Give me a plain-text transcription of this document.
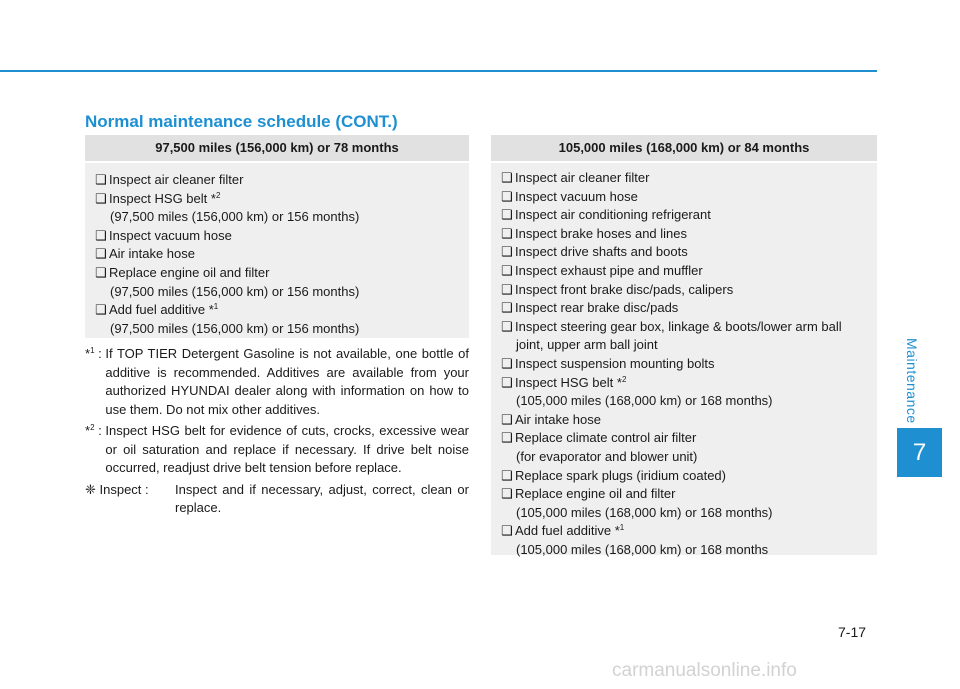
Maintenance
7
Normal maintenance schedule (CONT.)
97,500 miles (156,000 km) or 78 months
❑ Inspect air cleaner filter
❑ Inspect HSG belt *$^2$
(97,500 miles (156,000 km) or 156 months)
❑ Inspect vacuum hose
❑ Air intake hose
❑ Replace engine oil and filter
(97,500 miles (156,000 km) or 156 months)
❑ Add fuel additive *$^1$
(97,500 miles (156,000 km) or 156 months)
105,000 miles (168,000 km) or 84 months
❑ Inspect air cleaner filter
❑ Inspect vacuum hose
❑ Inspect air conditioning refrigerant
❑ Inspect brake hoses and lines
❑ Inspect drive shafts and boots
❑ Inspect exhaust pipe and muffler
❑ Inspect front brake disc/pads, calipers
❑ Inspect rear brake disc/pads
❑ Inspect steering gear box, linkage & boots/lower arm ball
joint, upper arm ball joint
❑ Inspect suspension mounting bolts
❑ Inspect HSG belt *$^2$
(105,000 miles (168,000 km) or 168 months)
❑ Air intake hose
❑ Replace climate control air filter
(for evaporator and blower unit)
❑ Replace spark plugs (iridium coated)
❑ Replace engine oil and filter
(105,000 miles (168,000 km) or 168 months)
❑ Add fuel additive *$^1$
(105,000 miles (168,000 km) or 168 months
*$^1$ : If TOP TIER Detergent Gasoline is not available, one bottle of additive is recommended. Additives are available from your authorized HYUNDAI dealer along with information on how to use them. Do not mix other additives.
*$^2$ : Inspect HSG belt for evidence of cuts, crocks, excessive wear or oil saturation and replace if necessary. If drive belt noise occurred, readjust drive belt tension before replace.
❈ Inspect :	Inspect and if necessary, adjust, correct, clean or replace.
7-17
carmanualsonline.info
